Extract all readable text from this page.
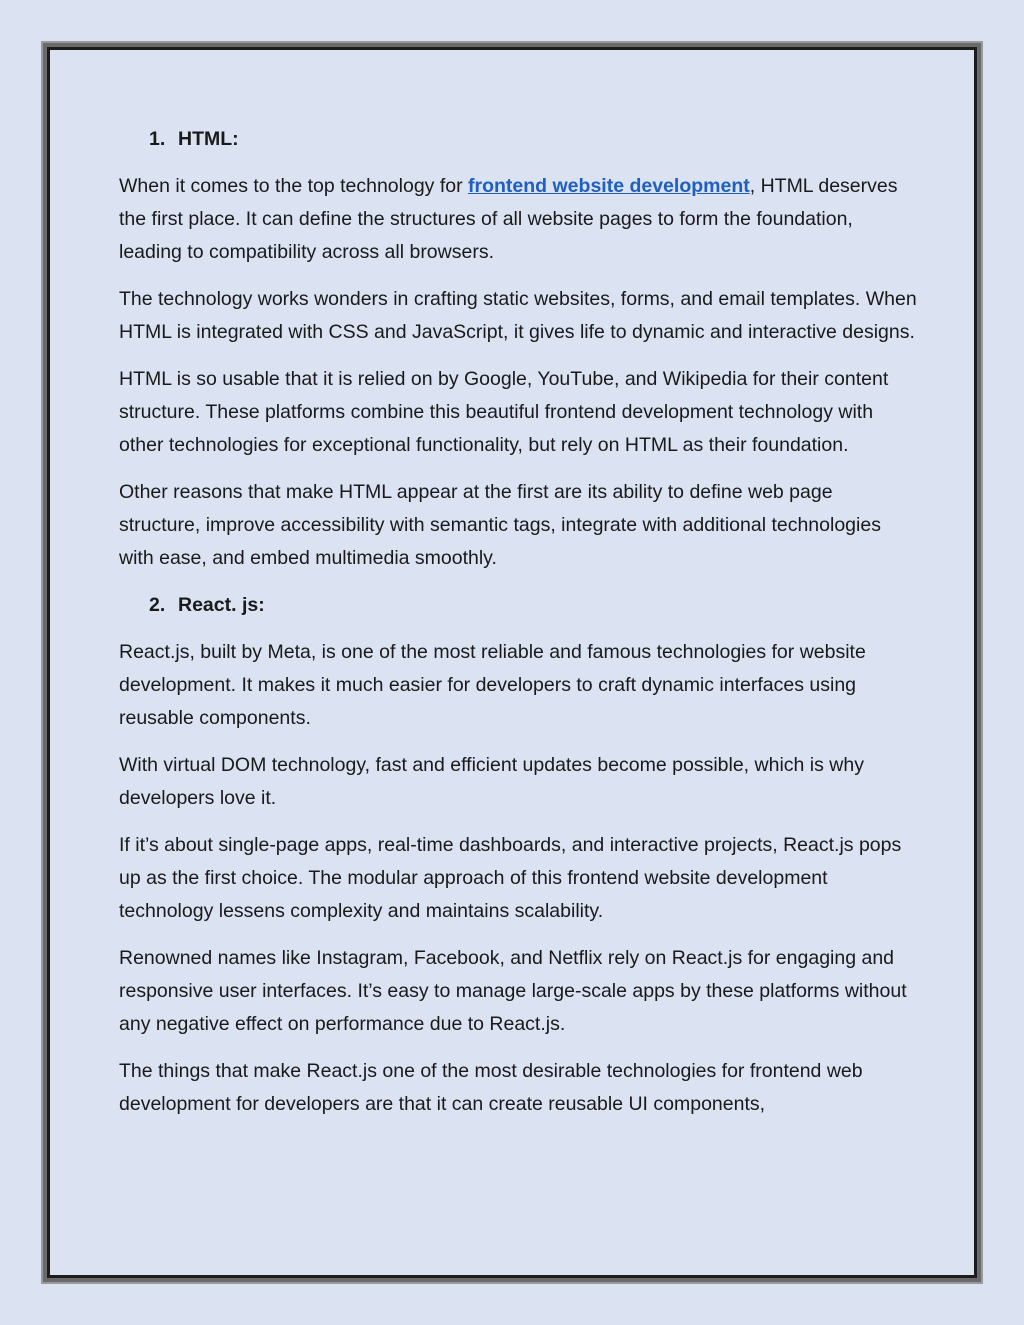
1. HTML:

When it comes to the top technology for frontend website development, HTML deserves the first place. It can define the structures of all website pages to form the foundation, leading to compatibility across all browsers.

The technology works wonders in crafting static websites, forms, and email templates. When HTML is integrated with CSS and JavaScript, it gives life to dynamic and interactive designs.

HTML is so usable that it is relied on by Google, YouTube, and Wikipedia for their content structure. These platforms combine this beautiful frontend development technology with other technologies for exceptional functionality, but rely on HTML as their foundation.

Other reasons that make HTML appear at the first are its ability to define web page structure, improve accessibility with semantic tags, integrate with additional technologies with ease, and embed multimedia smoothly.

2. React. js:

React.js, built by Meta, is one of the most reliable and famous technologies for website development. It makes it much easier for developers to craft dynamic interfaces using reusable components.

With virtual DOM technology, fast and efficient updates become possible, which is why developers love it.

If it’s about single-page apps, real-time dashboards, and interactive projects, React.js pops up as the first choice. The modular approach of this frontend website development technology lessens complexity and maintains scalability.

Renowned names like Instagram, Facebook, and Netflix rely on React.js for engaging and responsive user interfaces. It’s easy to manage large-scale apps by these platforms without any negative effect on performance due to React.js.

The things that make React.js one of the most desirable technologies for frontend web development for developers are that it can create reusable UI components,
